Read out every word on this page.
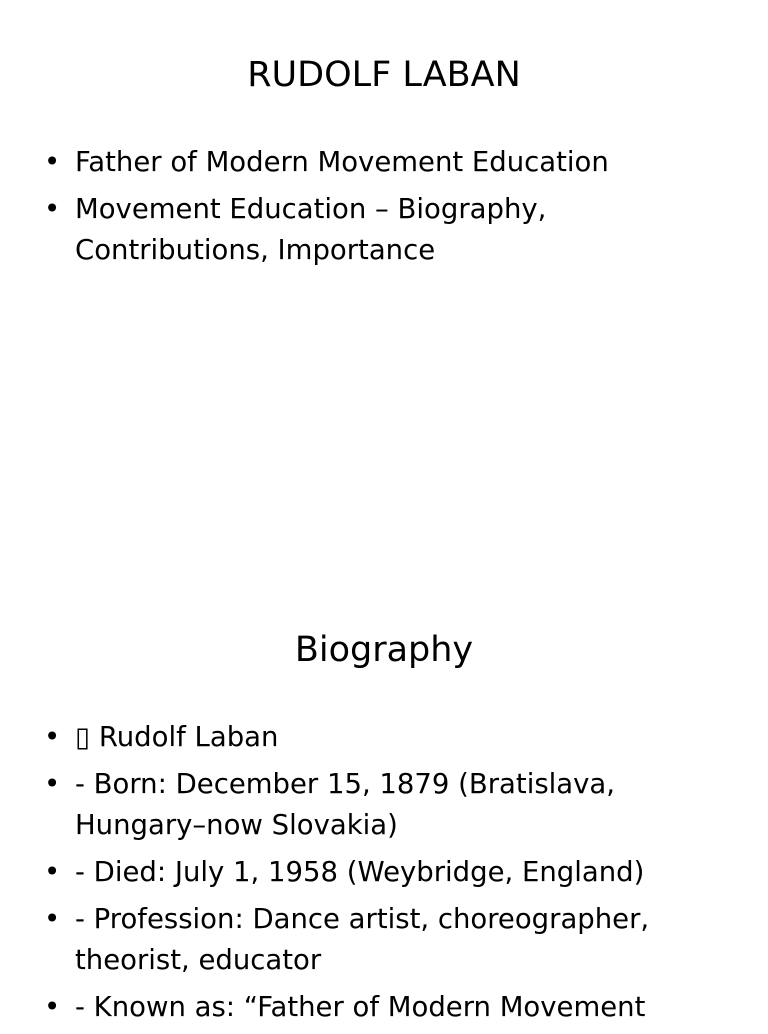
RUDOLF LABAN
• Father of Modern Movement Education
• Movement Education – Biography, Contributions, Importance
Biography
• ▯ Rudolf Laban
• - Born: December 15, 1879 (Bratislava, Hungary–now Slovakia)
• - Died: July 1, 1958 (Weybridge, England)
• - Profession: Dance artist, choreographer, theorist, educator
• - Known as: “Father of Modern Movement
